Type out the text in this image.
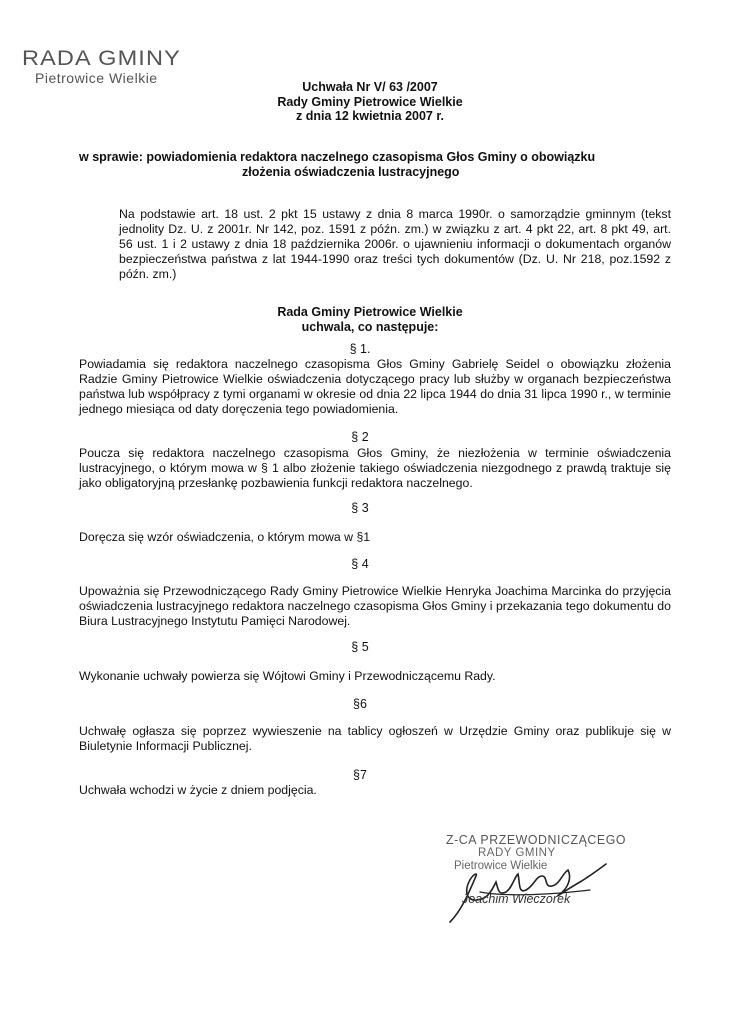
RADA GMINY
Pietrowice Wielkie
Uchwała Nr V/ 63 /2007
Rady Gminy Pietrowice Wielkie
z dnia 12 kwietnia 2007 r.
w sprawie: powiadomienia redaktora naczelnego czasopisma Głos Gminy o obowiązku
złożenia oświadczenia lustracyjnego

Na podstawie art. 18 ust. 2 pkt 15 ustawy z dnia 8 marca 1990r. o samorządzie gminnym (tekst jednolity Dz. U. z 2001r. Nr 142, poz. 1591 z późn. zm.) w związku z art. 4 pkt 22, art. 8 pkt 49, art. 56 ust. 1 i 2 ustawy z dnia 18 października 2006r. o ujawnieniu informacji o dokumentach organów bezpieczeństwa państwa z lat 1944-1990 oraz treści tych dokumentów (Dz. U. Nr 218, poz.1592 z późn. zm.)

Rada Gminy Pietrowice Wielkie
uchwala, co następuje:
§ 1.

Powiadamia się redaktora naczelnego czasopisma Głos Gminy Gabrielę Seidel o obowiązku złożenia Radzie Gminy Pietrowice Wielkie oświadczenia dotyczącego pracy lub służby w organach bezpieczeństwa państwa lub współpracy z tymi organami w okresie od dnia 22 lipca 1944 do dnia 31 lipca 1990 r., w terminie jednego miesiąca od daty doręczenia tego powiadomienia.

§ 2

Poucza się redaktora naczelnego czasopisma Głos Gminy, że niezłożenia w terminie oświadczenia lustracyjnego, o którym mowa w § 1 albo złożenie takiego oświadczenia niezgodnego z prawdą traktuje się jako obligatoryjną przesłankę pozbawienia funkcji redaktora naczelnego.

§ 3

Doręcza się wzór oświadczenia, o którym mowa w §1

§ 4

Upoważnia się Przewodniczącego Rady Gminy Pietrowice Wielkie Henryka Joachima Marcinka do przyjęcia oświadczenia lustracyjnego redaktora naczelnego czasopisma Głos Gminy i przekazania tego dokumentu do Biura Lustracyjnego Instytutu Pamięci Narodowej.

§ 5

Wykonanie uchwały powierza się Wójtowi Gminy i Przewodniczącemu Rady.

§6

Uchwałę ogłasza się poprzez wywieszenie na tablicy ogłoszeń w Urzędzie Gminy oraz publikuje się w Biuletynie Informacji Publicznej.

§7

Uchwała wchodzi w życie z dniem podjęcia.

Z-CA PRZEWODNICZĄCEGO
RADY GMINY
Pietrowice Wielkie
Joachim Wieczorek
